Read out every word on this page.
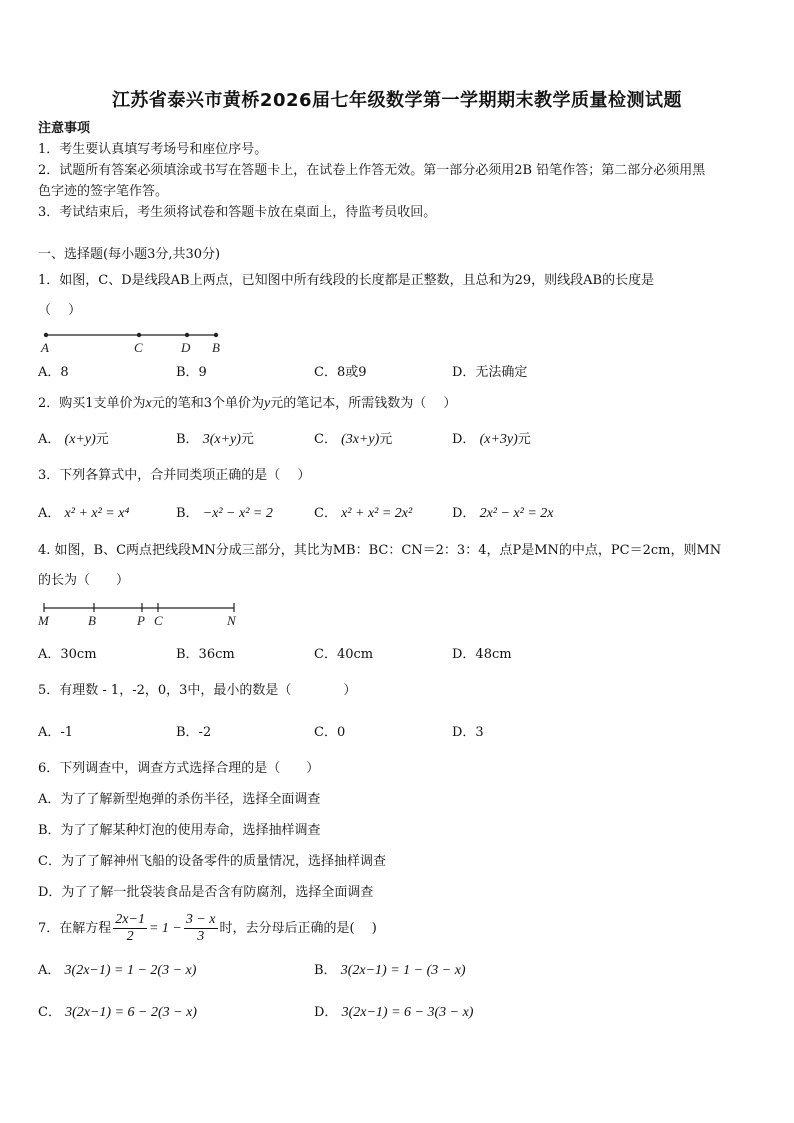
江苏省泰兴市黄桥2026届七年级数学第一学期期末教学质量检测试题
注意事项
1．考生要认真填写考场号和座位序号。
2．试题所有答案必须填涂或书写在答题卡上，在试卷上作答无效。第一部分必须用2B 铅笔作答；第二部分必须用黑
色字迹的签字笔作答。
3．考试结束后，考生须将试卷和答题卡放在桌面上，待监考员收回。
一、选择题(每小题3分,共30分)
1．如图，C、D是线段AB上两点，已知图中所有线段的长度都是正整数，且总和为29，则线段AB的长度是
（　 ）
A	C	D B
A．8	B．9	C．8或9	D．无法确定
2．购买1支单价为x元的笔和3个单价为y元的笔记本，所需钱数为（　 ）
A． (x+y)元	B． 3(x+y)元	C． (3x+y)元	D． (x+3y)元
3．下列各算式中，合并同类项正确的是（　 ）
A． x² + x² = x⁴	B． −x² − x² = 2	C． x² + x² = 2x²	D． 2x² − x² = 2x
4. 如图，B、C两点把线段MN分成三部分，其比为MB：BC：CN＝2：3：4，点P是MN的中点，PC＝2cm，则MN
的长为（　　）
M	B	P C	N
A．30cm	B．36cm	C．40cm	D．48cm
5．有理数 - 1，-2，0，3中，最小的数是（　　　　）
A．-1	B．-2	C．0	D．3
6．下列调查中，调查方式选择合理的是（　　）
A．为了了解新型炮弹的杀伤半径，选择全面调查
B．为了了解某种灯泡的使用寿命，选择抽样调查
C．为了了解神州飞船的设备零件的质量情况，选择抽样调查
D．为了了解一批袋装食品是否含有防腐剂，选择全面调查
7．在解方程 $\frac{2x-1}{2} = 1 - \frac{3 - x}{3}$ 时，去分母后正确的是(　 )
A． 3(2x−1) = 1 − 2(3 − x)	B． 3(2x−1) = 1 − (3 − x)
C． 3(2x−1) = 6 − 2(3 − x)	D． 3(2x−1) = 6 − 3(3 − x)
